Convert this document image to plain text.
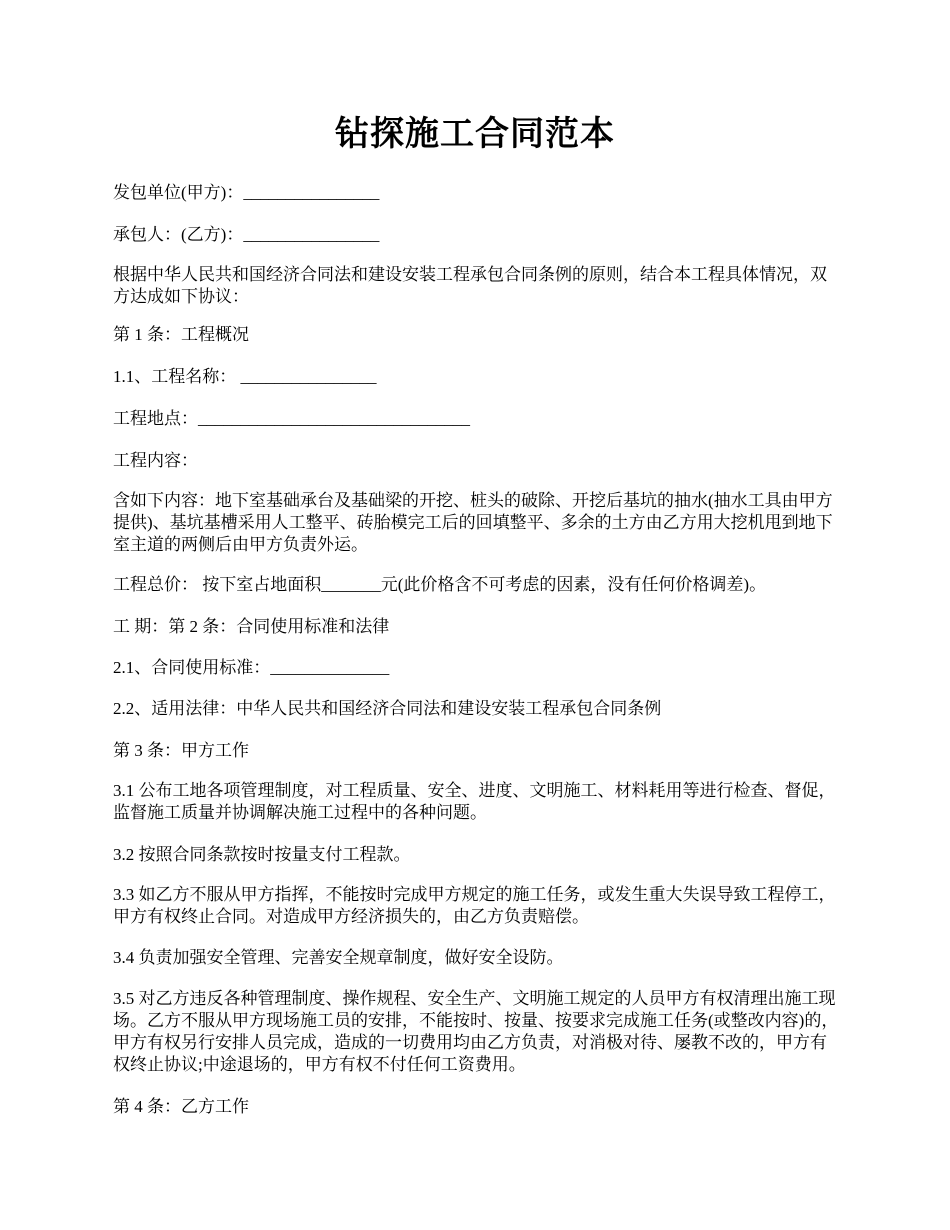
钻探施工合同范本

发包单位(甲方)：________________

承包人：(乙方)：________________

根据中华人民共和国经济合同法和建设安装工程承包合同条例的原则，结合本工程具体情况，双方达成如下协议：

第 1 条：工程概况

1.1、工程名称： ________________

工程地点：________________________________

工程内容：

含如下内容：地下室基础承台及基础梁的开挖、桩头的破除、开挖后基坑的抽水(抽水工具由甲方提供)、基坑基槽采用人工整平、砖胎模完工后的回填整平、多余的土方由乙方用大挖机甩到地下室主道的两侧后由甲方负责外运。

工程总价： 按下室占地面积_______元(此价格含不可考虑的因素，没有任何价格调差)。

工 期：第 2 条：合同使用标准和法律

2.1、合同使用标准：______________

2.2、适用法律：中华人民共和国经济合同法和建设安装工程承包合同条例

第 3 条：甲方工作

3.1 公布工地各项管理制度，对工程质量、安全、进度、文明施工、材料耗用等进行检查、督促，监督施工质量并协调解决施工过程中的各种问题。

3.2 按照合同条款按时按量支付工程款。

3.3 如乙方不服从甲方指挥，不能按时完成甲方规定的施工任务，或发生重大失误导致工程停工，甲方有权终止合同。对造成甲方经济损失的，由乙方负责赔偿。

3.4 负责加强安全管理、完善安全规章制度，做好安全设防。

3.5 对乙方违反各种管理制度、操作规程、安全生产、文明施工规定的人员甲方有权清理出施工现场。乙方不服从甲方现场施工员的安排，不能按时、按量、按要求完成施工任务(或整改内容)的，甲方有权另行安排人员完成，造成的一切费用均由乙方负责，对消极对待、屡教不改的，甲方有权终止协议;中途退场的，甲方有权不付任何工资费用。

第 4 条：乙方工作
